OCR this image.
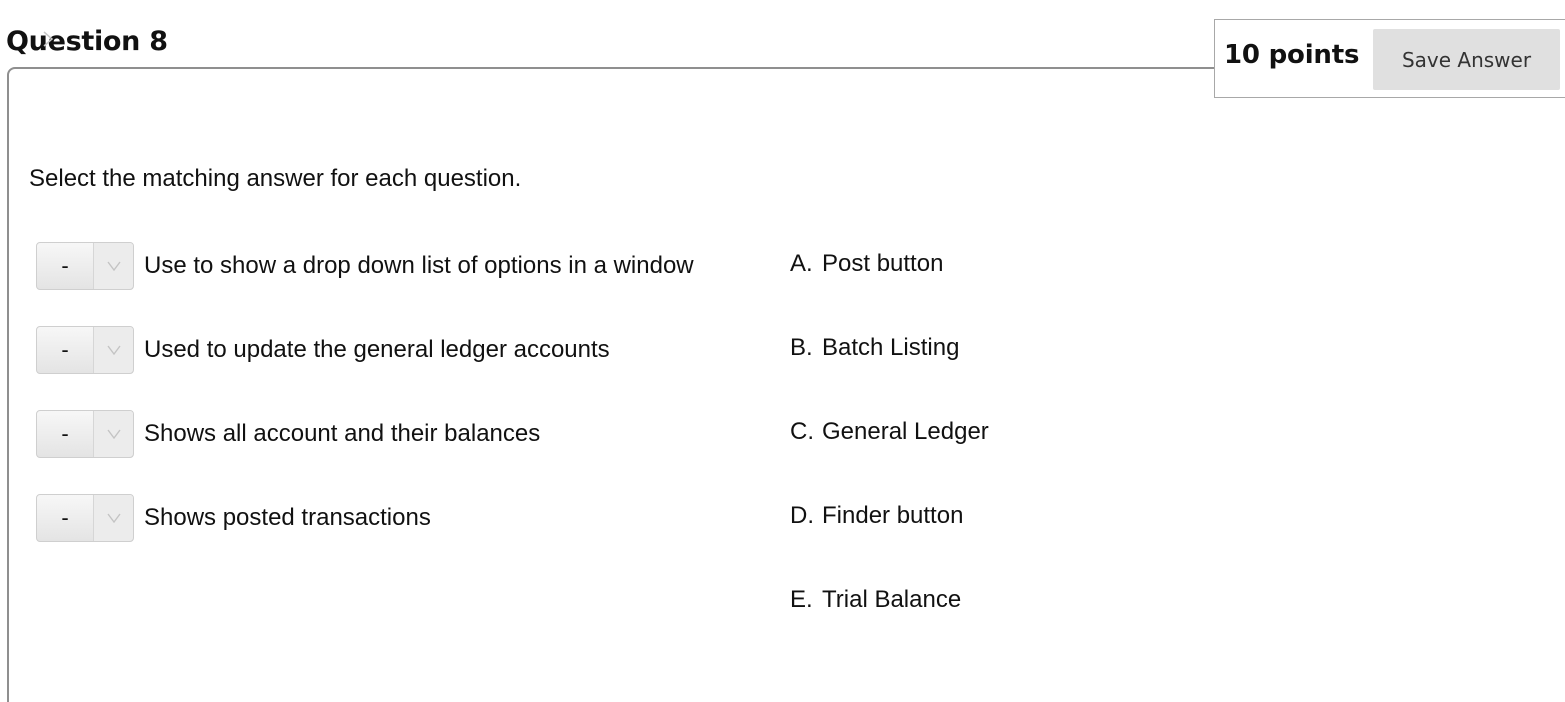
Question 8	10 points	Save Answer
Select the matching answer for each question.
-	Use to show a drop down list of options in a window
-	Used to update the general ledger accounts
-	Shows all account and their balances
-	Shows posted transactions
A. Post button
B. Batch Listing
C. General Ledger
D. Finder button
E. Trial Balance
